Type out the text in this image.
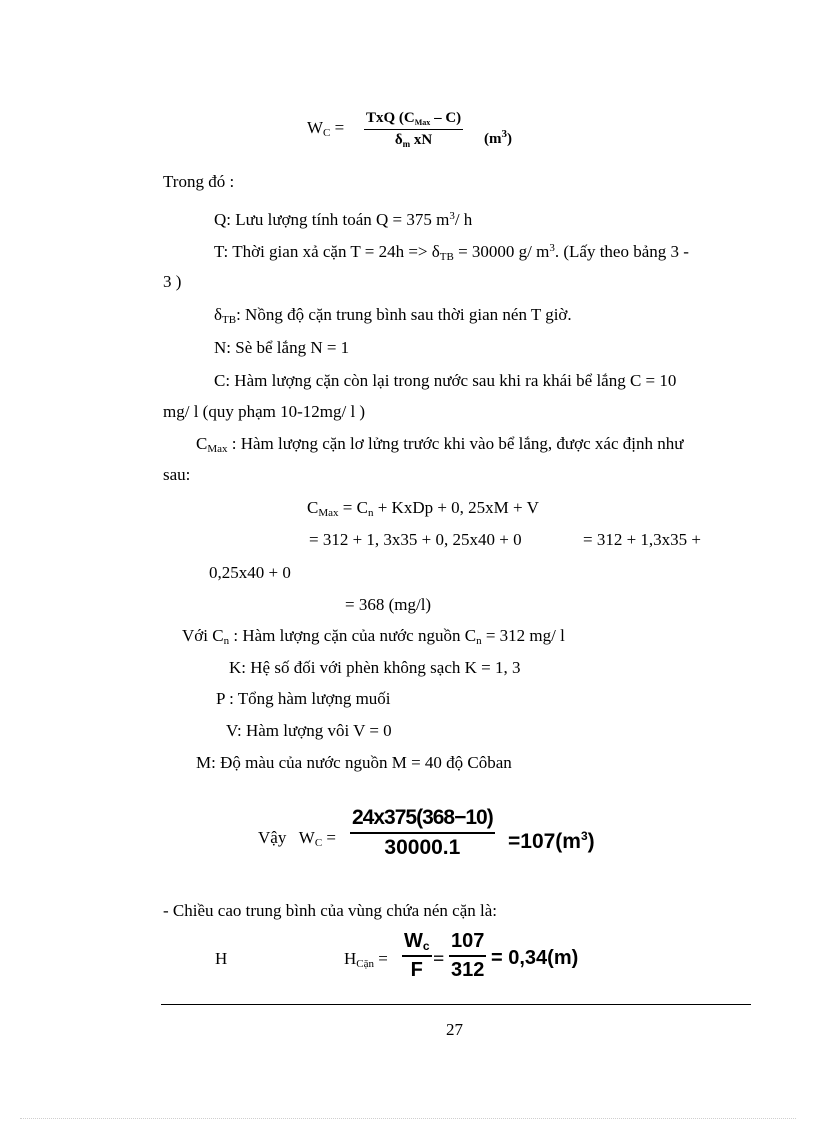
$W_C$ = TxQ $(C_{Max} - C)$
$\delta_m$ xN	$(m^3)$
Trong đó :
Q: Lưu lượng tính toán Q = 375 $m^3/$ h
T: Thời gian xả cặn $T = 24h => \delta_{TB} = 30000$ g/ $m^3$. (Lấy theo bảng 3 -
3 )
$\delta_{TB}$: Nồng độ cặn trung bình sau thời gian nén T giờ.
N: Sè bể lắng N = 1
C: Hàm lượng cặn còn lại trong nước sau khi ra khái bể lắng C = 10
mg/ l (quy phạm 10-12mg/ l )
$C_{Max}$ : Hàm lượng cặn lơ lửng trước khi vào bể lắng, được xác định như
sau:
$C_{Max} = C_n$ + KxDp + 0, 25xM + V
= 312 + 1, 3x35 + 0, 25x40 + 0	= 312 + 1,3x35 +
0,25x40 + 0
= 368 (mg/l)
Với $C_n$ : Hàm lượng cặn của nước nguồn $C_n = 312$ mg/ l
K: Hệ số đối với phèn không sạch K = 1, 3
P : Tổng hàm lượng muối
V: Hàm lượng vôi V = 0
M: Độ màu của nước nguồn M = 40 độ Côban
Vậy $W_C$ =
24x375(368−10)
$30000.1 =107(m^3)$
- Chiều cao trung bình của vùng chứa nén cặn là:
H	$H_{Cặn}$ =
$W_c$
F =
107
312
= 0,34(m)
27
